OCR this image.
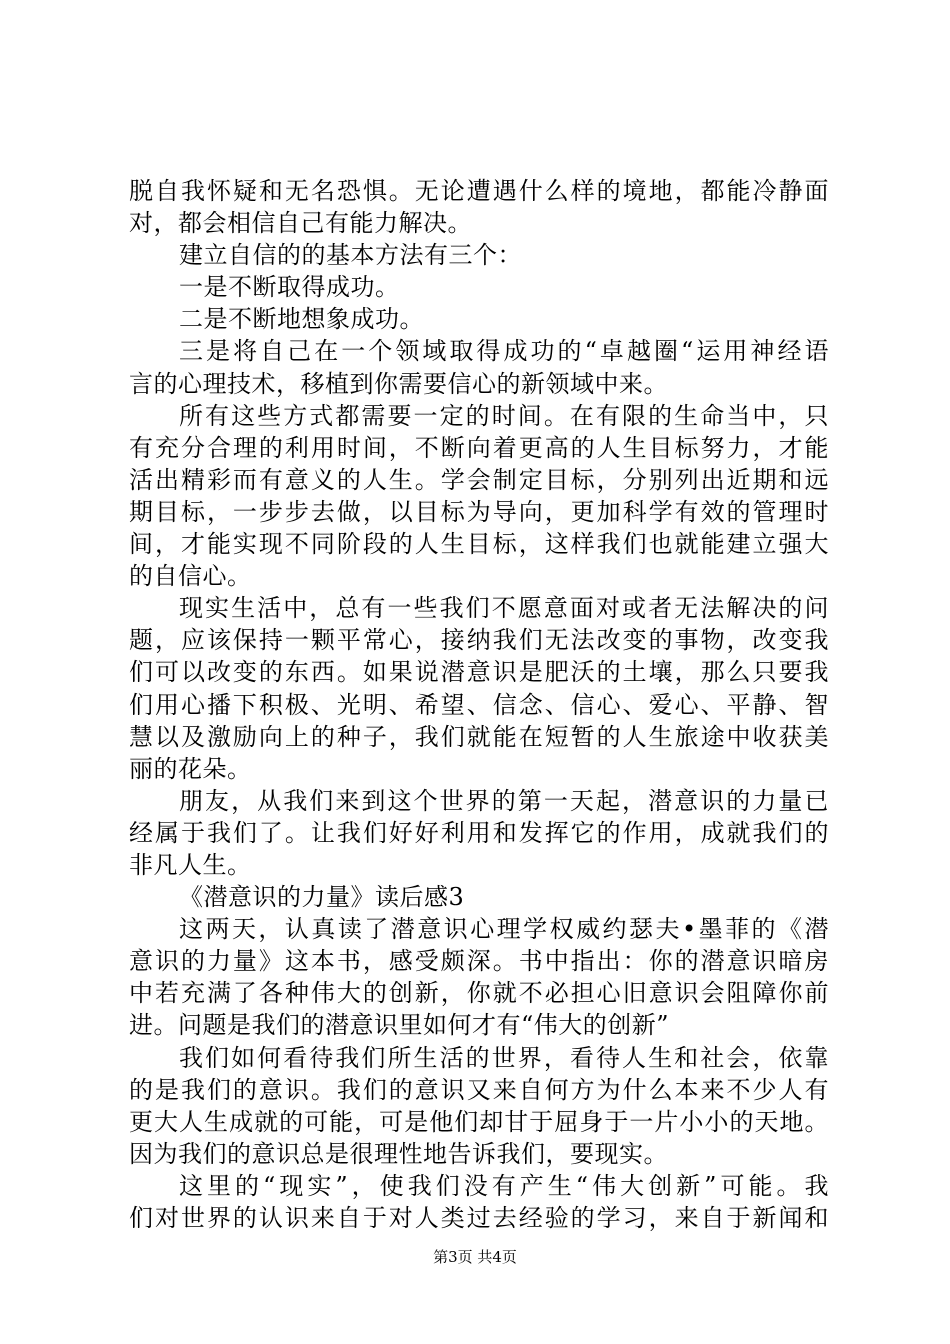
脱自我怀疑和无名恐惧。无论遭遇什么样的境地，都能冷静面
对，都会相信自己有能力解决。
建立自信的的基本方法有三个：
一是不断取得成功。
二是不断地想象成功。
三是将自己在一个领域取得成功的“卓越圈“运用神经语
言的心理技术，移植到你需要信心的新领域中来。
所有这些方式都需要一定的时间。在有限的生命当中，只
有充分合理的利用时间，不断向着更高的人生目标努力，才能
活出精彩而有意义的人生。学会制定目标，分别列出近期和远
期目标，一步步去做，以目标为导向，更加科学有效的管理时
间，才能实现不同阶段的人生目标，这样我们也就能建立强大
的自信心。
现实生活中，总有一些我们不愿意面对或者无法解决的问
题，应该保持一颗平常心，接纳我们无法改变的事物，改变我
们可以改变的东西。如果说潜意识是肥沃的土壤，那么只要我
们用心播下积极、光明、希望、信念、信心、爱心、平静、智
慧以及激励向上的种子，我们就能在短暂的人生旅途中收获美
丽的花朵。
朋友，从我们来到这个世界的第一天起，潜意识的力量已
经属于我们了。让我们好好利用和发挥它的作用，成就我们的
非凡人生。
《潜意识的力量》读后感3
这两天，认真读了潜意识心理学权威约瑟夫•墨菲的《潜
意识的力量》这本书，感受颇深。书中指出：你的潜意识暗房
中若充满了各种伟大的创新，你就不必担心旧意识会阻障你前
进。问题是我们的潜意识里如何才有“伟大的创新”
我们如何看待我们所生活的世界，看待人生和社会，依靠
的是我们的意识。我们的意识又来自何方为什么本来不少人有
更大人生成就的可能，可是他们却甘于屈身于一片小小的天地。
因为我们的意识总是很理性地告诉我们，要现实。
这里的“现实”，使我们没有产生“伟大创新”可能。我
们对世界的认识来自于对人类过去经验的学习，来自于新闻和
第3页 共4页
